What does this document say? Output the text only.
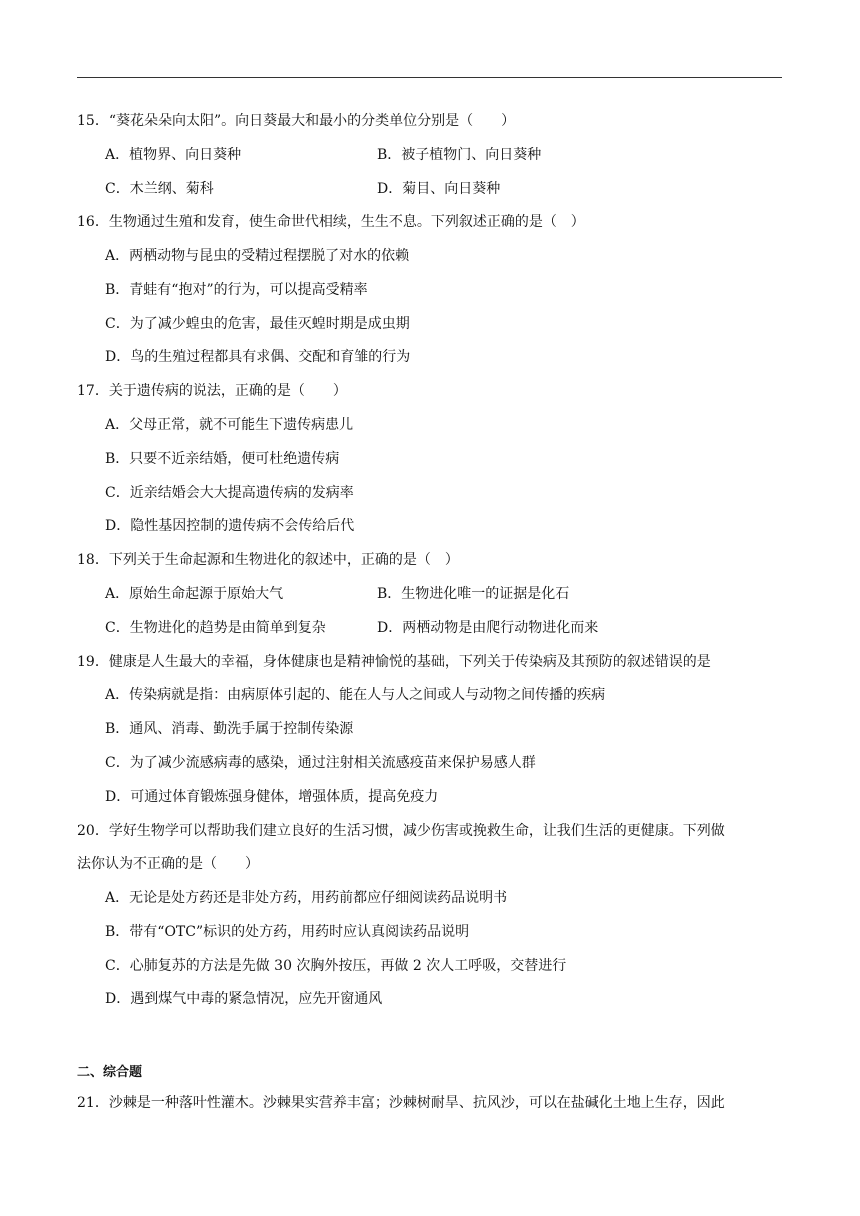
15．“葵花朵朵向太阳”。向日葵最大和最小的分类单位分别是（　　）
A．植物界、向日葵种	B．被子植物门、向日葵种
C．木兰纲、菊科	D．菊目、向日葵种
16．生物通过生殖和发育，使生命世代相续，生生不息。下列叙述正确的是（　）
A．两栖动物与昆虫的受精过程摆脱了对水的依赖
B．青蛙有“抱对”的行为，可以提高受精率
C．为了减少蝗虫的危害，最佳灭蝗时期是成虫期
D．鸟的生殖过程都具有求偶、交配和育雏的行为
17．关于遗传病的说法，正确的是（　　）
A．父母正常，就不可能生下遗传病患儿
B．只要不近亲结婚，便可杜绝遗传病
C．近亲结婚会大大提高遗传病的发病率
D．隐性基因控制的遗传病不会传给后代
18．下列关于生命起源和生物进化的叙述中，正确的是（　）
A．原始生命起源于原始大气	B．生物进化唯一的证据是化石
C．生物进化的趋势是由简单到复杂	D．两栖动物是由爬行动物进化而来
19．健康是人生最大的幸福，身体健康也是精神愉悦的基础，下列关于传染病及其预防的叙述错误的是
A．传染病就是指：由病原体引起的、能在人与人之间或人与动物之间传播的疾病
B．通风、消毒、勤洗手属于控制传染源
C．为了减少流感病毒的感染，通过注射相关流感疫苗来保护易感人群
D．可通过体育锻炼强身健体，增强体质，提高免疫力
20．学好生物学可以帮助我们建立良好的生活习惯，减少伤害或挽救生命，让我们生活的更健康。下列做
法你认为不正确的是（　　）
A．无论是处方药还是非处方药，用药前都应仔细阅读药品说明书
B．带有“OTC”标识的处方药，用药时应认真阅读药品说明
C．心肺复苏的方法是先做 30 次胸外按压，再做 2 次人工呼吸，交替进行
D．遇到煤气中毒的紧急情况，应先开窗通风
二、综合题
21．沙棘是一种落叶性灌木。沙棘果实营养丰富；沙棘树耐旱、抗风沙，可以在盐碱化土地上生存，因此
